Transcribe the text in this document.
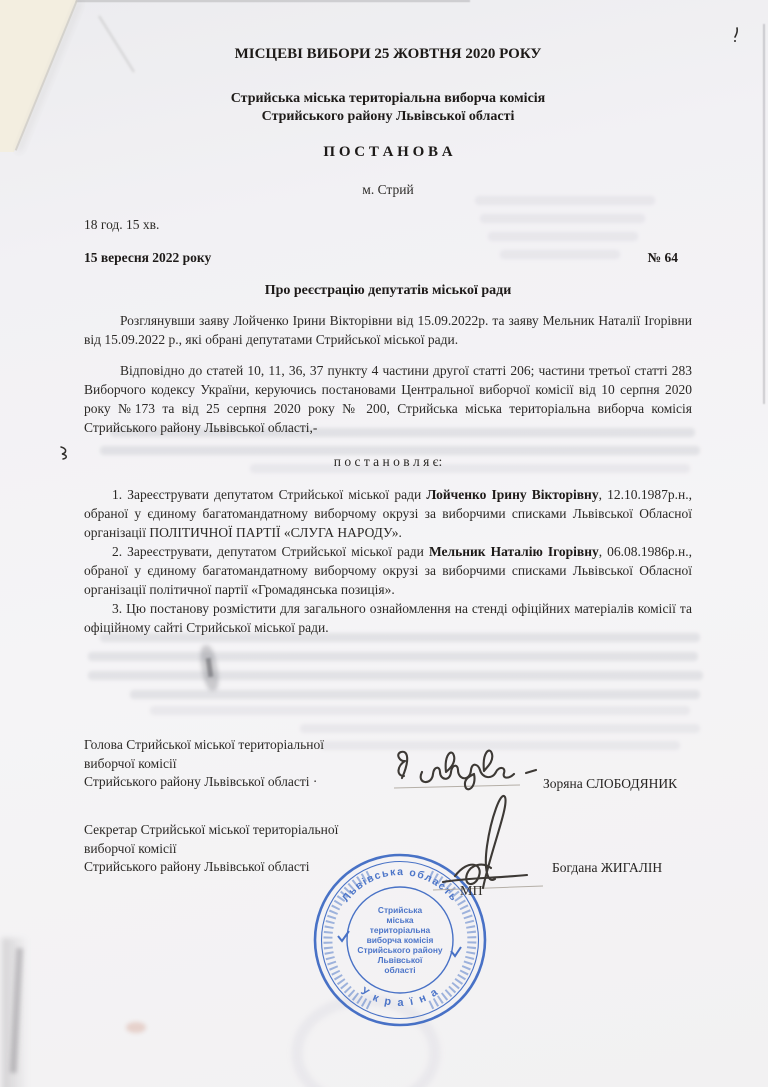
МІСЦЕВІ ВИБОРИ 25 ЖОВТНЯ 2020 РОКУ
Стрийська міська територіальна виборча комісія
Стрийського району Львівської області
П О С Т А Н О В А
м. Стрий
18 год. 15 хв.
15 вересня 2022 року	№ 64
Про реєстрацію депутатів міської ради

Розглянувши заяву Лойченко Ірини Вікторівни від 15.09.2022р. та заяву Мельник Наталії Ігорівни від 15.09.2022 р., які обрані депутатами Стрийської міської ради.

Відповідно до статей 10, 11, 36, 37 пункту 4 частини другої статті 206; частини третьої статті 283 Виборчого кодексу України, керуючись постановами Центральної виборчої комісії від 10 серпня 2020 року №173 та від 25 серпня 2020 року № 200, Стрийська міська територіальна виборча комісія Стрийського району Львівської області,-

п о с т а н о в л я є:

1. Зареєструвати депутатом Стрийської міської ради Лойченко Ірину Вікторівну, 12.10.1987р.н., обраної у єдиному багатомандатному виборчому окрузі за виборчими списками Львівської Обласної організації ПОЛІТИЧНОЇ ПАРТІЇ «СЛУГА НАРОДУ».

2. Зареєструвати, депутатом Стрийської міської ради Мельник Наталію Ігорівну, 06.08.1986р.н., обраної у єдиному багатомандатному виборчому окрузі за виборчими списками Львівської Обласної організації політичної партії «Громадянська позиція».

3. Цю постанову розмістити для загального ознайомлення на стенді офіційних матеріалів комісії та офіційному сайті Стрийської міської ради.

Голова Стрийської міської територіальної
виборчої комісії
Стрийського району Львівської області ·	Зоряна СЛОБОДЯНИК
Секретар Стрийської міської територіальної
виборчої комісії
Стрийського району Львівської області
Львівська область
У к р а ї н а
Стрийська
міська
територіальна
виборча комісія
Стрийського району
Львівської
області
Богдана ЖИГАЛІН
МП
